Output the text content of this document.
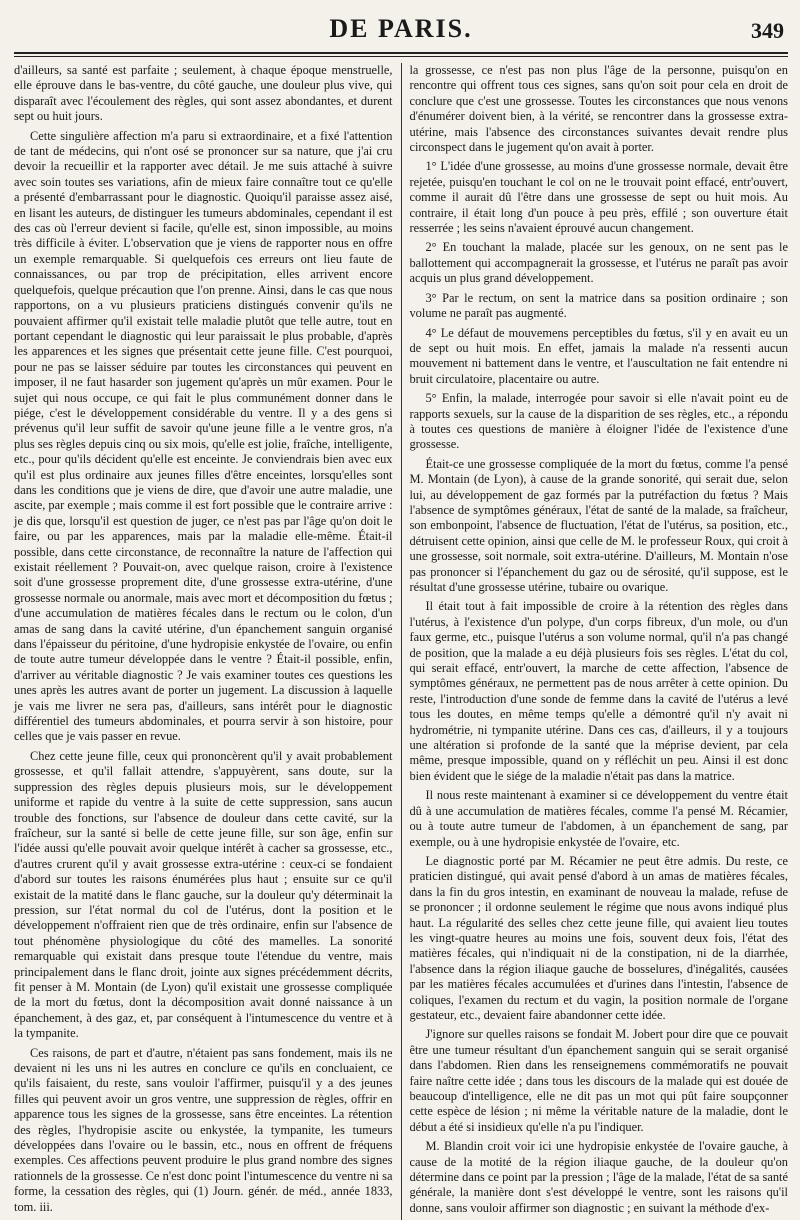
DE PARIS.	349

d'ailleurs, sa santé est parfaite ; seulement, à chaque époque menstruelle, elle éprouve dans le bas-ventre, du côté gauche, une douleur plus vive, qui disparaît avec l'écoulement des règles, qui sont assez abondantes, et durent sept ou huit jours.

Cette singulière affection m'a paru si extraordinaire, et a fixé l'attention de tant de médecins, qui n'ont osé se prononcer sur sa nature, que j'ai cru devoir la recueillir et la rapporter avec détail. Je me suis attaché à suivre avec soin toutes ses variations, afin de mieux faire connaître tout ce qu'elle a présenté d'embarrassant pour le diagnostic. Quoiqu'il paraisse assez aisé, en lisant les auteurs, de distinguer les tumeurs abdominales, cependant il est des cas où l'erreur devient si facile, qu'elle est, sinon impossible, au moins très difficile à éviter. L'observation que je viens de rapporter nous en offre un exemple remarquable. Si quelquefois ces erreurs ont lieu faute de connaissances, ou par trop de précipitation, elles arrivent encore quelquefois, quelque précaution que l'on prenne. Ainsi, dans le cas que nous rapportons, on a vu plusieurs praticiens distingués convenir qu'ils ne pouvaient affirmer qu'il existait telle maladie plutôt que telle autre, tout en portant cependant le diagnostic qui leur paraissait le plus probable, d'après les apparences et les signes que présentait cette jeune fille. C'est pourquoi, pour ne pas se laisser séduire par toutes les circonstances qui peuvent en imposer, il ne faut hasarder son jugement qu'après un mûr examen. Pour le sujet qui nous occupe, ce qui fait le plus communément donner dans le piége, c'est le développement considérable du ventre. Il y a des gens si prévenus qu'il leur suffit de savoir qu'une jeune fille a le ventre gros, n'a plus ses règles depuis cinq ou six mois, qu'elle est jolie, fraîche, intelligente, etc., pour qu'ils décident qu'elle est enceinte. Je conviendrais bien avec eux qu'il est plus ordinaire aux jeunes filles d'être enceintes, lorsqu'elles sont dans les conditions que je viens de dire, que d'avoir une autre maladie, une ascite, par exemple ; mais comme il est fort possible que le contraire arrive : je dis que, lorsqu'il est question de juger, ce n'est pas par l'âge qu'on doit le faire, ou par les apparences, mais par la maladie elle-même. Était-il possible, dans cette circonstance, de reconnaître la nature de l'affection qui existait réellement ? Pouvait-on, avec quelque raison, croire à l'existence soit d'une grossesse proprement dite, d'une grossesse extra-utérine, d'une grossesse normale ou anormale, mais avec mort et décomposition du fœtus ; d'une accumulation de matières fécales dans le rectum ou le colon, d'un amas de sang dans la cavité utérine, d'un épanchement sanguin organisé dans l'épaisseur du péritoine, d'une hydropisie enkystée de l'ovaire, ou enfin de toute autre tumeur développée dans le ventre ? Était-il possible, enfin, d'arriver au véritable diagnostic ? Je vais examiner toutes ces questions les unes après les autres avant de porter un jugement. La discussion à laquelle je vais me livrer ne sera pas, d'ailleurs, sans intérêt pour le diagnostic différentiel des tumeurs abdominales, et pourra servir à son histoire, pour celles que je vais passer en revue.

Chez cette jeune fille, ceux qui prononcèrent qu'il y avait probablement grossesse, et qu'il fallait attendre, s'appuyèrent, sans doute, sur la suppression des règles depuis plusieurs mois, sur le développement uniforme et rapide du ventre à la suite de cette suppression, sans aucun trouble des fonctions, sur l'absence de douleur dans cette cavité, sur la fraîcheur, sur la santé si belle de cette jeune fille, sur son âge, enfin sur l'idée aussi qu'elle pouvait avoir quelque intérêt à cacher sa grossesse, etc., d'autres crurent qu'il y avait grossesse extra-utérine : ceux-ci se fondaient d'abord sur toutes les raisons énumérées plus haut ; ensuite sur ce qu'il existait de la matité dans le flanc gauche, sur la douleur qu'y déterminait la pression, sur l'état normal du col de l'utérus, dont la position et le développement n'offraient rien que de très ordinaire, enfin sur l'absence de tout phénomène physiologique du côté des mamelles. La sonorité remarquable qui existait dans presque toute l'étendue du ventre, mais principalement dans le flanc droit, jointe aux signes précédemment décrits, fit penser à M. Montain (de Lyon) qu'il existait une grossesse compliquée de la mort du fœtus, dont la décomposition avait donné naissance à un épanchement, à des gaz, et, par conséquent à l'intumescence du ventre et à la tympanite.

Ces raisons, de part et d'autre, n'étaient pas sans fondement, mais ils ne devaient ni les uns ni les autres en conclure ce qu'ils en concluaient, ce qu'ils faisaient, du reste, sans vouloir l'affirmer, puisqu'il y a des jeunes filles qui peuvent avoir un gros ventre, une suppression de règles, offrir en apparence tous les signes de la grossesse, sans être enceintes. La rétention des règles, l'hydropisie ascite ou enkystée, la tympanite, les tumeurs développées dans l'ovaire ou le bassin, etc., nous en offrent de fréquens exemples. Ces affections peuvent produire le plus grand nombre des signes rationnels de la grossesse. Ce n'est donc point l'intumescence du ventre ni sa forme, la cessation des règles, qui (1) Journ. génér. de méd., année 1833, tom. iii.

la grossesse, ce n'est pas non plus l'âge de la personne, puisqu'on en rencontre qui offrent tous ces signes, sans qu'on soit pour cela en droit de conclure que c'est une grossesse. Toutes les circonstances que nous venons d'énumérer doivent bien, à la vérité, se rencontrer dans la grossesse extra-utérine, mais l'absence des circonstances suivantes devait rendre plus circonspect dans le jugement qu'on avait à porter.

1° L'idée d'une grossesse, au moins d'une grossesse normale, devait être rejetée, puisqu'en touchant le col on ne le trouvait point effacé, entr'ouvert, comme il aurait dû l'être dans une grossesse de sept ou huit mois. Au contraire, il était long d'un pouce à peu près, effilé ; son ouverture était resserrée ; les seins n'avaient éprouvé aucun changement.

2° En touchant la malade, placée sur les genoux, on ne sent pas le ballottement qui accompagnerait la grossesse, et l'utérus ne paraît pas avoir acquis un plus grand développement.

3° Par le rectum, on sent la matrice dans sa position ordinaire ; son volume ne paraît pas augmenté.

4° Le défaut de mouvemens perceptibles du fœtus, s'il y en avait eu un de sept ou huit mois. En effet, jamais la malade n'a ressenti aucun mouvement ni battement dans le ventre, et l'auscultation ne fait entendre ni bruit circulatoire, placentaire ou autre.

5° Enfin, la malade, interrogée pour savoir si elle n'avait point eu de rapports sexuels, sur la cause de la disparition de ses règles, etc., a répondu à toutes ces questions de manière à éloigner l'idée de l'existence d'une grossesse.

Était-ce une grossesse compliquée de la mort du fœtus, comme l'a pensé M. Montain (de Lyon), à cause de la grande sonorité, qui serait due, selon lui, au développement de gaz formés par la putréfaction du fœtus ? Mais l'absence de symptômes généraux, l'état de santé de la malade, sa fraîcheur, son embonpoint, l'absence de fluctuation, l'état de l'utérus, sa position, etc., détruisent cette opinion, ainsi que celle de M. le professeur Roux, qui croit à une grossesse, soit normale, soit extra-utérine. D'ailleurs, M. Montain n'ose pas prononcer si l'épanchement du gaz ou de sérosité, qu'il suppose, est le résultat d'une grossesse utérine, tubaire ou ovarique.

Il était tout à fait impossible de croire à la rétention des règles dans l'utérus, à l'existence d'un polype, d'un corps fibreux, d'un mole, ou d'un faux germe, etc., puisque l'utérus a son volume normal, qu'il n'a pas changé de position, que la malade a eu déjà plusieurs fois ses règles. L'état du col, qui serait effacé, entr'ouvert, la marche de cette affection, l'absence de symptômes généraux, ne permettent pas de nous arrêter à cette opinion. Du reste, l'introduction d'une sonde de femme dans la cavité de l'utérus a levé tous les doutes, en même temps qu'elle a démontré qu'il n'y avait ni hydrométrie, ni tympanite utérine. Dans ces cas, d'ailleurs, il y a toujours une altération si profonde de la santé que la méprise devient, par cela même, presque impossible, quand on y réfléchit un peu. Ainsi il est donc bien évident que le siége de la maladie n'était pas dans la matrice.

Il nous reste maintenant à examiner si ce développement du ventre était dû à une accumulation de matières fécales, comme l'a pensé M. Récamier, ou à toute autre tumeur de l'abdomen, à un épanchement de sang, par exemple, ou à une hydropisie enkystée de l'ovaire, etc.

Le diagnostic porté par M. Récamier ne peut être admis. Du reste, ce praticien distingué, qui avait pensé d'abord à un amas de matières fécales, dans la fin du gros intestin, en examinant de nouveau la malade, refuse de se prononcer ; il ordonne seulement le régime que nous avons indiqué plus haut. La régularité des selles chez cette jeune fille, qui avaient lieu toutes les vingt-quatre heures au moins une fois, souvent deux fois, l'état des matières fécales, qui n'indiquait ni de la constipation, ni de la diarrhée, l'absence dans la région iliaque gauche de bosselures, d'inégalités, causées par les matières fécales accumulées et d'urines dans l'intestin, l'absence de coliques, l'examen du rectum et du vagin, la position normale de l'organe gestateur, etc., devaient faire abandonner cette idée.

J'ignore sur quelles raisons se fondait M. Jobert pour dire que ce pouvait être une tumeur résultant d'un épanchement sanguin qui se serait organisé dans l'abdomen. Rien dans les renseignemens commémoratifs ne pouvait faire naître cette idée ; dans tous les discours de la malade qui est douée de beaucoup d'intelligence, elle ne dit pas un mot qui pût faire soupçonner cette espèce de lésion ; ni même la véritable nature de la maladie, dont le début a été si insidieux qu'elle n'a pu l'indiquer.

M. Blandin croit voir ici une hydropisie enkystée de l'ovaire gauche, à cause de la motité de la région iliaque gauche, de la douleur qu'on détermine dans ce point par la pression ; l'âge de la malade, l'état de sa santé générale, la manière dont s'est développé le ventre, sont les raisons qu'il donne, sans vouloir affirmer son diagnostic ; en suivant la méthode d'ex-
